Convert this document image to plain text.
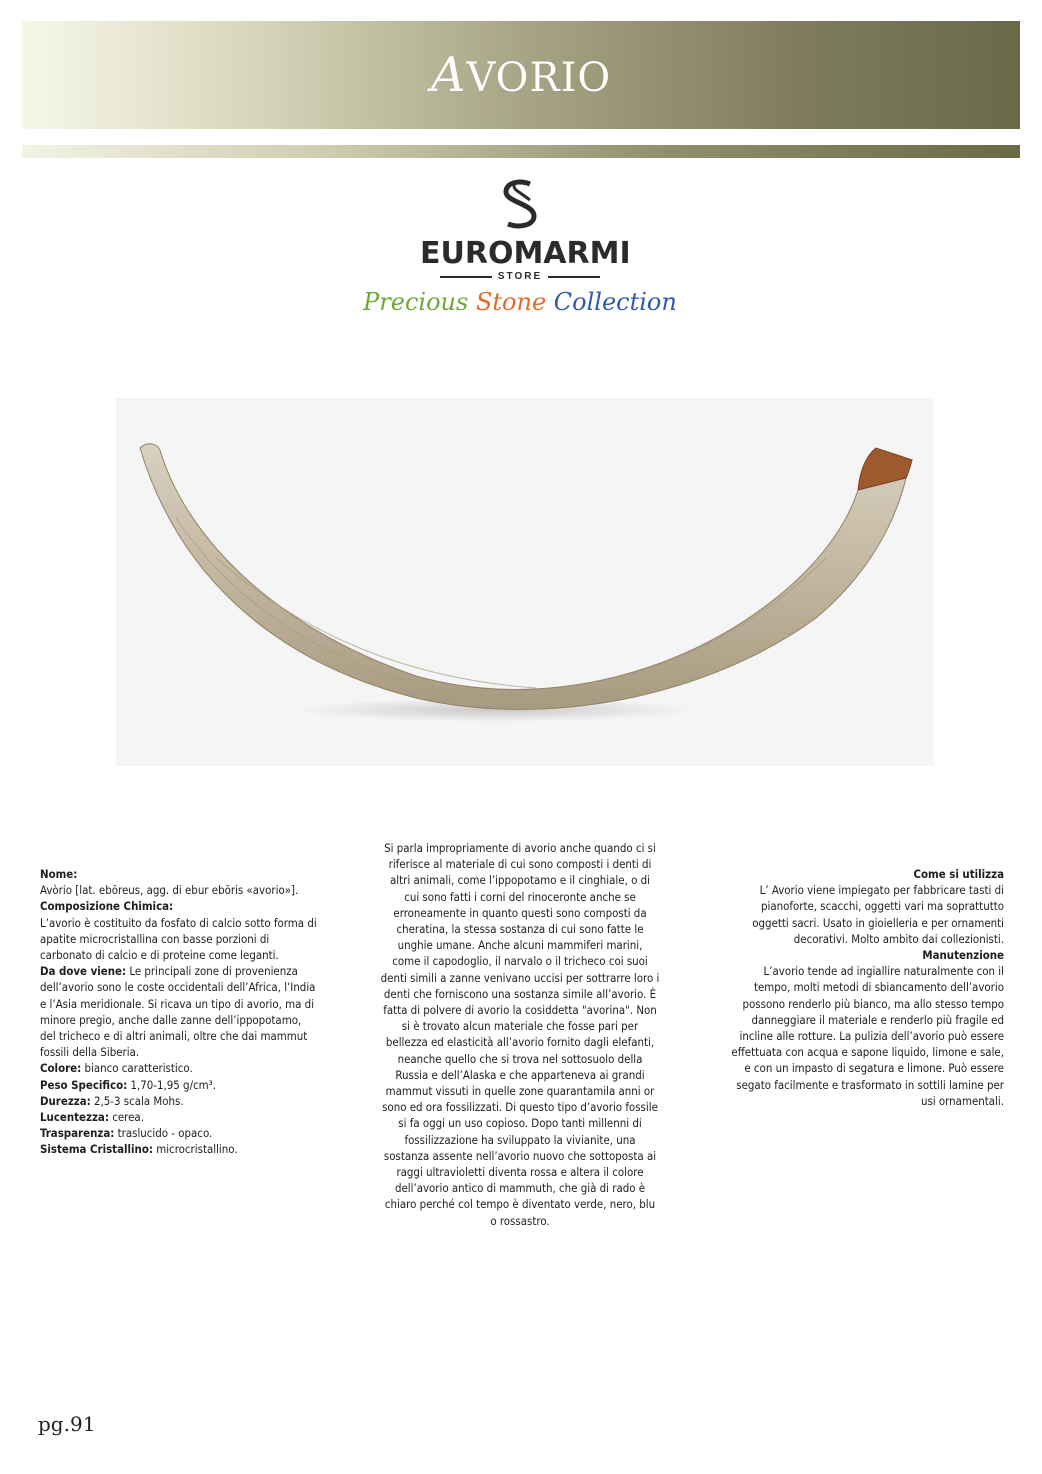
AVORIO
EUROMARMI
STORE
Precious Stone Collection
Nome:
Avòrio [lat. ebŏreus, agg. di ebur ebŏris «avorio»].
Composizione Chimica:
L’avorio è costituito da fosfato di calcio sotto forma di
apatite microcristallina con basse porzioni di
carbonato di calcio e di proteine come leganti.
Da dove viene: Le principali zone di provenienza
dell’avorio sono le coste occidentali dell’Africa, l’India
e l’Asia meridionale. Si ricava un tipo di avorio, ma di
minore pregio, anche dalle zanne dell’ippopotamo,
del tricheco e di altri animali, oltre che dai mammut
fossili della Siberia.
Colore: bianco caratteristico.
Peso Specifico: 1,70-1,95 g/cm³.
Durezza: 2,5-3 scala Mohs.
Lucentezza: cerea.
Trasparenza: traslucido - opaco.
Sistema Cristallino: microcristallino.
Si parla impropriamente di avorio anche quando ci si
riferisce al materiale di cui sono composti i denti di
altri animali, come l’ippopotamo e il cinghiale, o di
cui sono fatti i corni del rinoceronte anche se
erroneamente in quanto questi sono composti da
cheratina, la stessa sostanza di cui sono fatte le
unghie umane. Anche alcuni mammiferi marini,
come il capodoglio, il narvalo o il tricheco coi suoi
denti simili a zanne venivano uccisi per sottrarre loro i
denti che forniscono una sostanza simile all’avorio. È
fatta di polvere di avorio la cosiddetta "avorina". Non
si è trovato alcun materiale che fosse pari per
bellezza ed elasticità all’avorio fornito dagli elefanti,
neanche quello che si trova nel sottosuolo della
Russia e dell’Alaska e che apparteneva ai grandi
mammut vissuti in quelle zone quarantamila anni or
sono ed ora fossilizzati. Di questo tipo d’avorio fossile
si fa oggi un uso copioso. Dopo tanti millenni di
fossilizzazione ha sviluppato la vivianite, una
sostanza assente nell’avorio nuovo che sottoposta ai
raggi ultravioletti diventa rossa e altera il colore
dell’avorio antico di mammuth, che già di rado è
chiaro perché col tempo è diventato verde, nero, blu
o rossastro.
Come si utilizza
L’ Avorio viene impiegato per fabbricare tasti di
pianoforte, scacchi, oggetti vari ma soprattutto
oggetti sacri. Usato in gioielleria e per ornamenti
decorativi. Molto ambito dai collezionisti.
Manutenzione
L’avorio tende ad ingiallire naturalmente con il
tempo, molti metodi di sbiancamento dell’avorio
possono renderlo più bianco, ma allo stesso tempo
danneggiare il materiale e renderlo più fragile ed
incline alle rotture. La pulizia dell’avorio può essere
effettuata con acqua e sapone liquido, limone e sale,
e con un impasto di segatura e limone. Può essere
segato facilmente e trasformato in sottili lamine per
usi ornamentali.
pg.91
